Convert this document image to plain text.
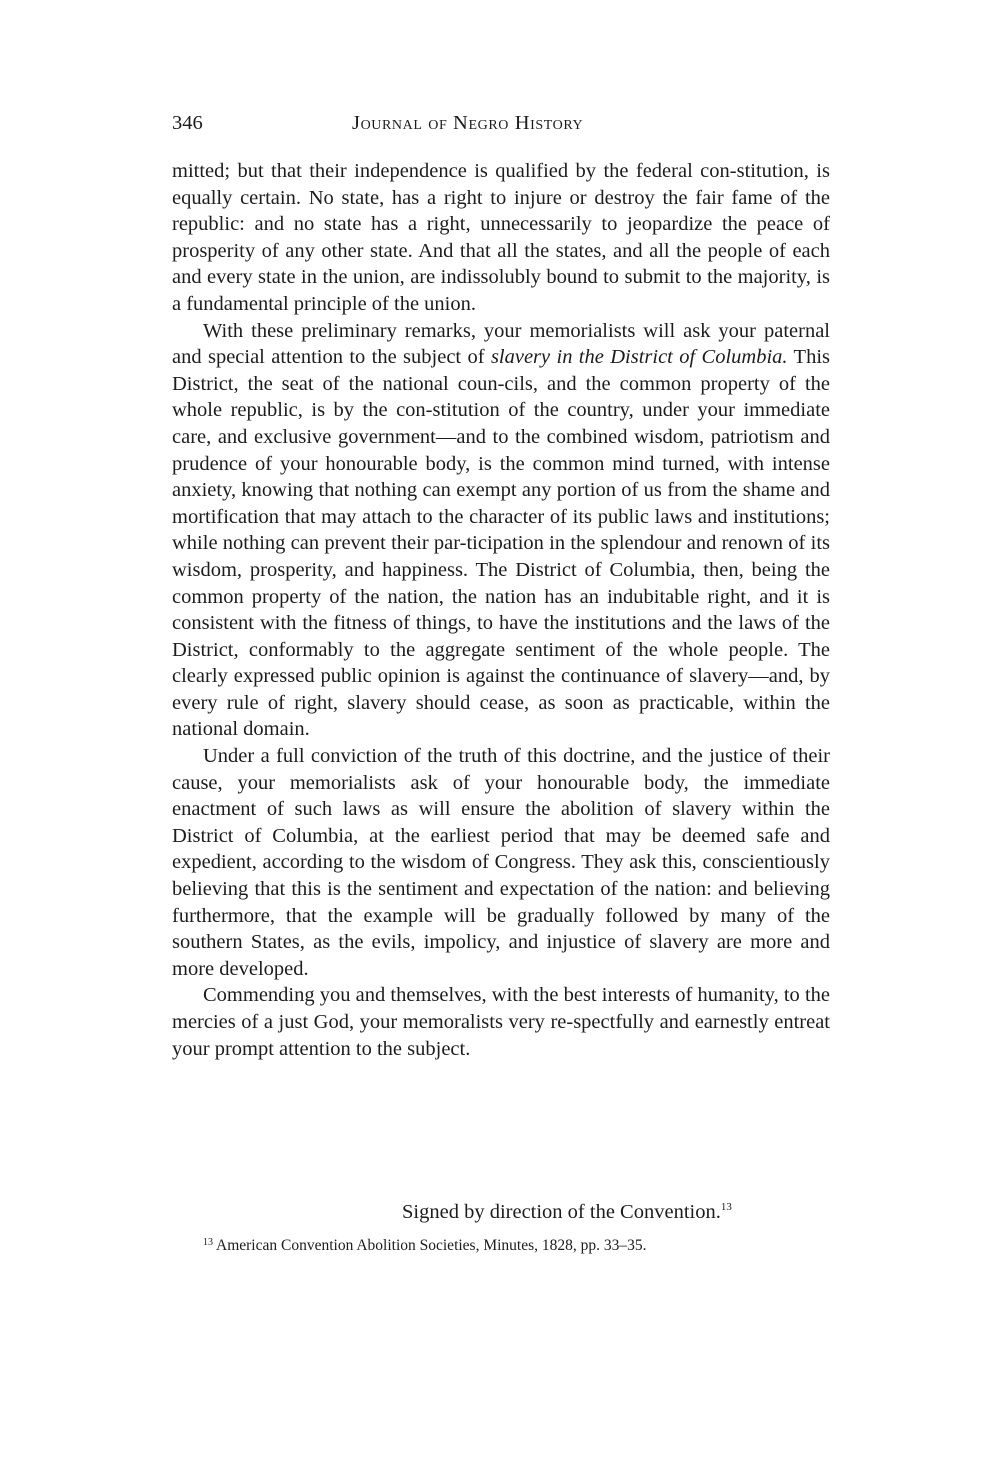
346	Journal of Negro History

mitted; but that their independence is qualified by the federal con-stitution, is equally certain. No state, has a right to injure or destroy the fair fame of the republic: and no state has a right, unnecessarily to jeopardize the peace of prosperity of any other state. And that all the states, and all the people of each and every state in the union, are indissolubly bound to submit to the majority, is a fundamental principle of the union.

With these preliminary remarks, your memorialists will ask your paternal and special attention to the subject of slavery in the District of Columbia. This District, the seat of the national coun-cils, and the common property of the whole republic, is by the con-stitution of the country, under your immediate care, and exclusive government—and to the combined wisdom, patriotism and prudence of your honourable body, is the common mind turned, with intense anxiety, knowing that nothing can exempt any portion of us from the shame and mortification that may attach to the character of its public laws and institutions; while nothing can prevent their par-ticipation in the splendour and renown of its wisdom, prosperity, and happiness. The District of Columbia, then, being the common property of the nation, the nation has an indubitable right, and it is consistent with the fitness of things, to have the institutions and the laws of the District, conformably to the aggregate sentiment of the whole people. The clearly expressed public opinion is against the continuance of slavery—and, by every rule of right, slavery should cease, as soon as practicable, within the national domain.

Under a full conviction of the truth of this doctrine, and the justice of their cause, your memorialists ask of your honourable body, the immediate enactment of such laws as will ensure the abolition of slavery within the District of Columbia, at the earliest period that may be deemed safe and expedient, according to the wisdom of Congress. They ask this, conscientiously believing that this is the sentiment and expectation of the nation: and believing furthermore, that the example will be gradually followed by many of the southern States, as the evils, impolicy, and injustice of slavery are more and more developed.

Commending you and themselves, with the best interests of humanity, to the mercies of a just God, your memoralists very re-spectfully and earnestly entreat your prompt attention to the subject.

Signed by direction of the Convention.$^{13}$
$^{13}$ American Convention Abolition Societies, Minutes, 1828, pp. 33–35.
